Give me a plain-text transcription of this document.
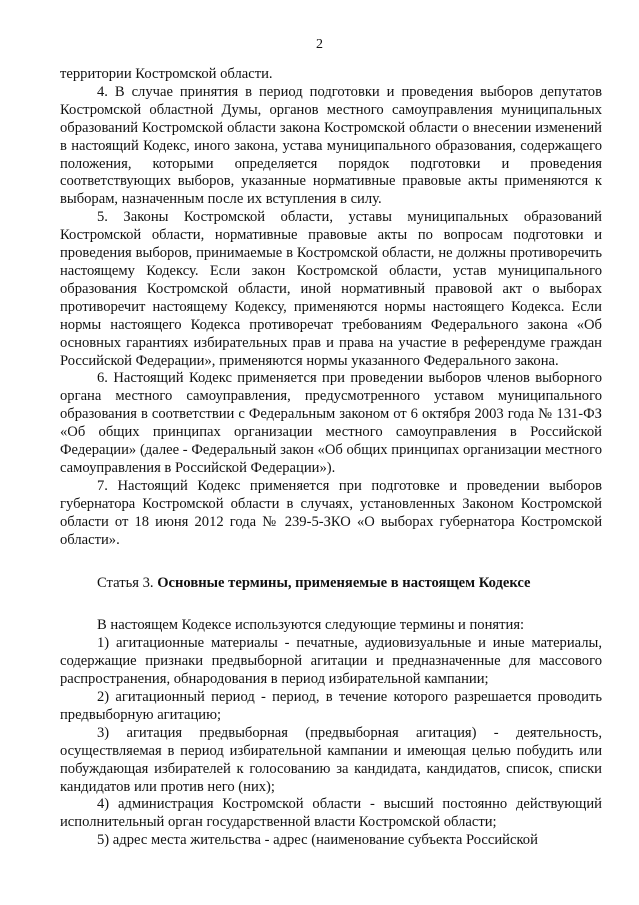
2

территории Костромской области.

4. В случае принятия в период подготовки и проведения выборов депутатов Костромской областной Думы, органов местного самоуправления муниципальных образований Костромской области закона Костромской области о внесении изменений в настоящий Кодекс, иного закона, устава муниципального образования, содержащего положения, которыми определяется порядок подготовки и проведения соответствующих выборов, указанные нормативные правовые акты применяются к выборам, назначенным после их вступления в силу.

5. Законы Костромской области, уставы муниципальных образований Костромской области, нормативные правовые акты по вопросам подготовки и проведения выборов, принимаемые в Костромской области, не должны противоречить настоящему Кодексу. Если закон Костромской области, устав муниципального образования Костромской области, иной нормативный правовой акт о выборах противоречит настоящему Кодексу, применяются нормы настоящего Кодекса. Если нормы настоящего Кодекса противоречат требованиям Федерального закона «Об основных гарантиях избирательных прав и права на участие в референдуме граждан Российской Федерации», применяются нормы указанного Федерального закона.

6. Настоящий Кодекс применяется при проведении выборов членов выборного органа местного самоуправления, предусмотренного уставом муниципального образования в соответствии с Федеральным законом от 6 октября 2003 года № 131-ФЗ «Об общих принципах организации местного самоуправления в Российской Федерации» (далее - Федеральный закон «Об общих принципах организации местного самоуправления в Российской Федерации»).

7. Настоящий Кодекс применяется при подготовке и проведении выборов губернатора Костромской области в случаях, установленных Законом Костромской области от 18 июня 2012 года № 239-5-ЗКО «О выборах губернатора Костромской области».

Статья 3. Основные термины, применяемые в настоящем Кодексе

В настоящем Кодексе используются следующие термины и понятия:

1) агитационные материалы - печатные, аудиовизуальные и иные материалы, содержащие признаки предвыборной агитации и предназначенные для массового распространения, обнародования в период избирательной кампании;

2) агитационный период - период, в течение которого разрешается проводить предвыборную агитацию;

3) агитация предвыборная (предвыборная агитация) - деятельность, осуществляемая в период избирательной кампании и имеющая целью побудить или побуждающая избирателей к голосованию за кандидата, кандидатов, список, списки кандидатов или против него (них);

4) администрация Костромской области - высший постоянно действующий исполнительный орган государственной власти Костромской области;

5) адрес места жительства - адрес (наименование субъекта Российской
